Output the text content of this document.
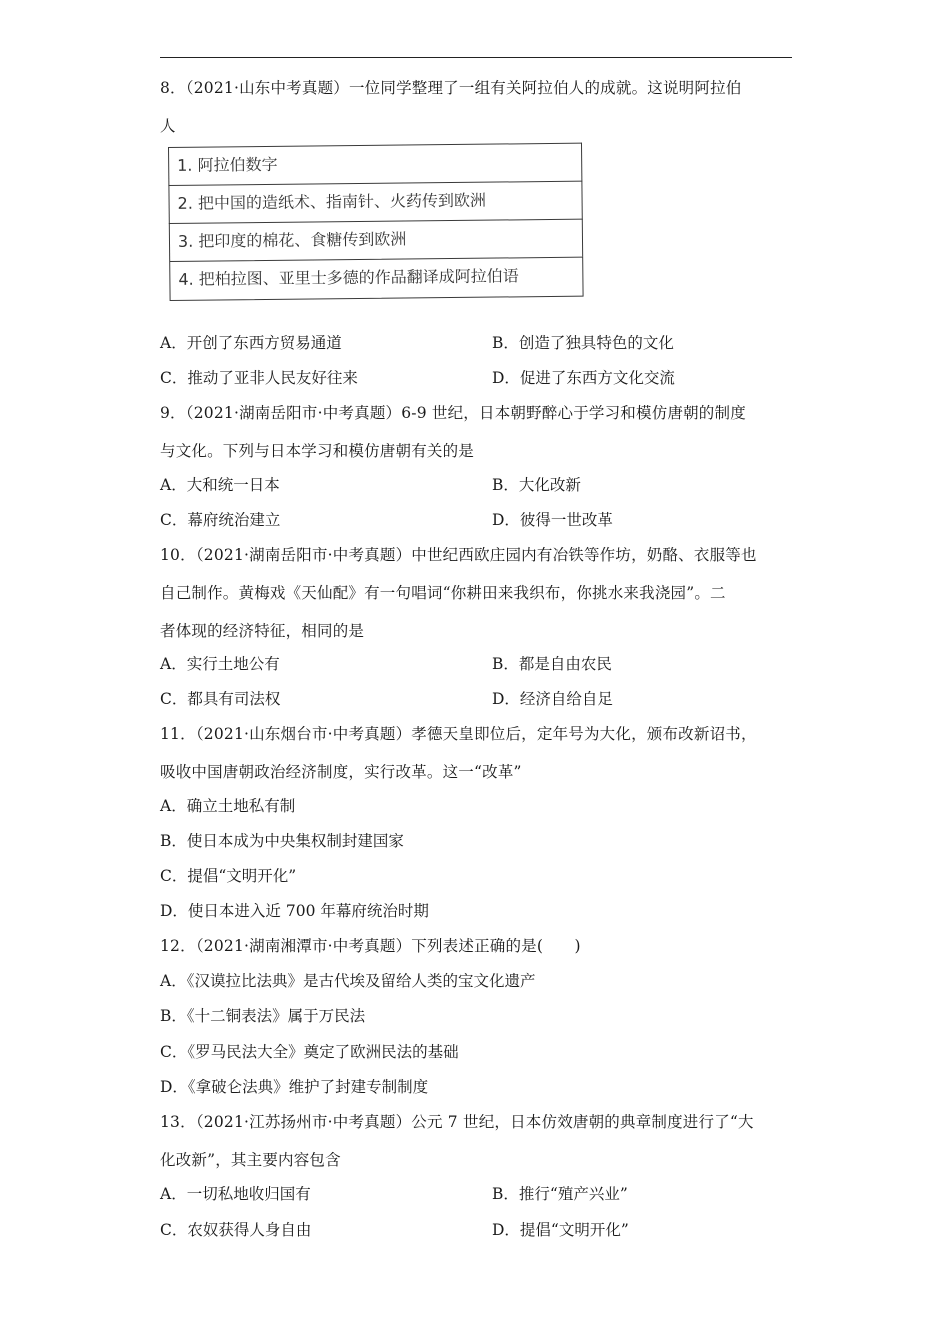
8．（2021·山东中考真题）一位同学整理了一组有关阿拉伯人的成就。这说明阿拉伯
人
1. 阿拉伯数字
2. 把中国的造纸术、指南针、火药传到欧洲
3. 把印度的棉花、食糖传到欧洲
4. 把柏拉图、亚里士多德的作品翻译成阿拉伯语
A．开创了东西方贸易通道	B．创造了独具特色的文化
C．推动了亚非人民友好往来	D．促进了东西方文化交流
9．（2021·湖南岳阳市·中考真题）6-9 世纪，日本朝野醉心于学习和模仿唐朝的制度
与文化。下列与日本学习和模仿唐朝有关的是
A．大和统一日本	B．大化改新
C．幕府统治建立	D．彼得一世改革
10．（2021·湖南岳阳市·中考真题）中世纪西欧庄园内有冶铁等作坊，奶酪、衣服等也
自己制作。黄梅戏《天仙配》有一句唱词“你耕田来我织布，你挑水来我浇园”。二
者体现的经济特征，相同的是
A．实行土地公有	B．都是自由农民
C．都具有司法权	D．经济自给自足
11．（2021·山东烟台市·中考真题）孝德天皇即位后，定年号为大化，颁布改新诏书，
吸收中国唐朝政治经济制度，实行改革。这一“改革”
A．确立土地私有制
B．使日本成为中央集权制封建国家
C．提倡“文明开化”
D．使日本进入近 700 年幕府统治时期
12．（2021·湖南湘潭市·中考真题）下列表述正确的是(　　)
A．《汉谟拉比法典》是古代埃及留给人类的宝文化遗产
B．《十二铜表法》属于万民法
C．《罗马民法大全》奠定了欧洲民法的基础
D．《拿破仑法典》维护了封建专制制度
13．（2021·江苏扬州市·中考真题）公元 7 世纪，日本仿效唐朝的典章制度进行了“大
化改新”，其主要内容包含
A．一切私地收归国有	B．推行“殖产兴业”
C．农奴获得人身自由	D．提倡“文明开化”
